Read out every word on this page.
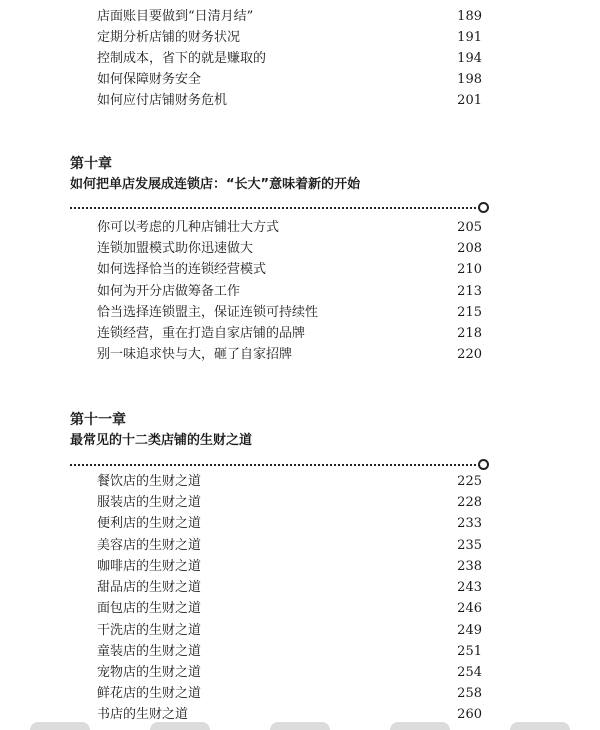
店面账目要做到“日清月结”	189
定期分析店铺的财务状况	191
控制成本，省下的就是赚取的	194
如何保障财务安全	198
如何应付店铺财务危机	201
第十章
如何把单店发展成连锁店：“长大”意味着新的开始
你可以考虑的几种店铺壮大方式	205
连锁加盟模式助你迅速做大	208
如何选择恰当的连锁经营模式	210
如何为开分店做筹备工作	213
恰当选择连锁盟主，保证连锁可持续性	215
连锁经营，重在打造自家店铺的品牌	218
别一味追求快与大，砸了自家招牌	220
第十一章
最常见的十二类店铺的生财之道
餐饮店的生财之道	225
服装店的生财之道	228
便利店的生财之道	233
美容店的生财之道	235
咖啡店的生财之道	238
甜品店的生财之道	243
面包店的生财之道	246
干洗店的生财之道	249
童装店的生财之道	251
宠物店的生财之道	254
鲜花店的生财之道	258
书店的生财之道	260
